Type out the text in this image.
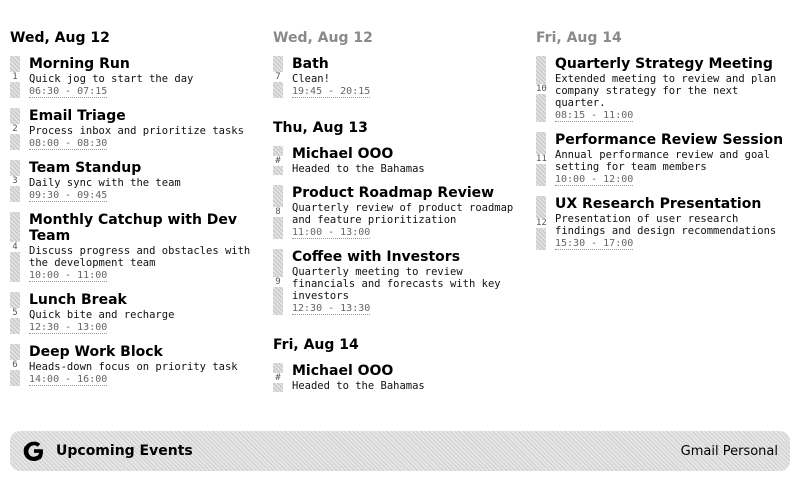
Wed, Aug 12
1
Morning Run
Quick jog to start the day
06:30 - 07:15
2
Email Triage
Process inbox and prioritize tasks
08:00 - 08:30
3
Team Standup
Daily sync with the team
09:30 - 09:45
4
Monthly Catchup with Dev Team
Discuss progress and obstacles with the development team
10:00 - 11:00
5
Lunch Break
Quick bite and recharge
12:30 - 13:00
6
Deep Work Block
Heads-down focus on priority task
14:00 - 16:00
Wed, Aug 12
7
Bath
Clean!
19:45 - 20:15
Thu, Aug 13
# Michael OOO
Headed to the Bahamas
8
Product Roadmap Review
Quarterly review of product roadmap and feature prioritization
11:00 - 13:00
9
Coffee with Investors
Quarterly meeting to review financials and forecasts with key investors
12:30 - 13:30
Fri, Aug 14
# Michael OOO
Headed to the Bahamas
Fri, Aug 14
10
Quarterly Strategy Meeting
Extended meeting to review and plan company strategy for the next quarter.
08:15 - 11:00
11
Performance Review Session
Annual performance review and goal setting for team members
10:00 - 12:00
12
UX Research Presentation
Presentation of user research findings and design recommendations
15:30 - 17:00
Upcoming Events	Gmail Personal
